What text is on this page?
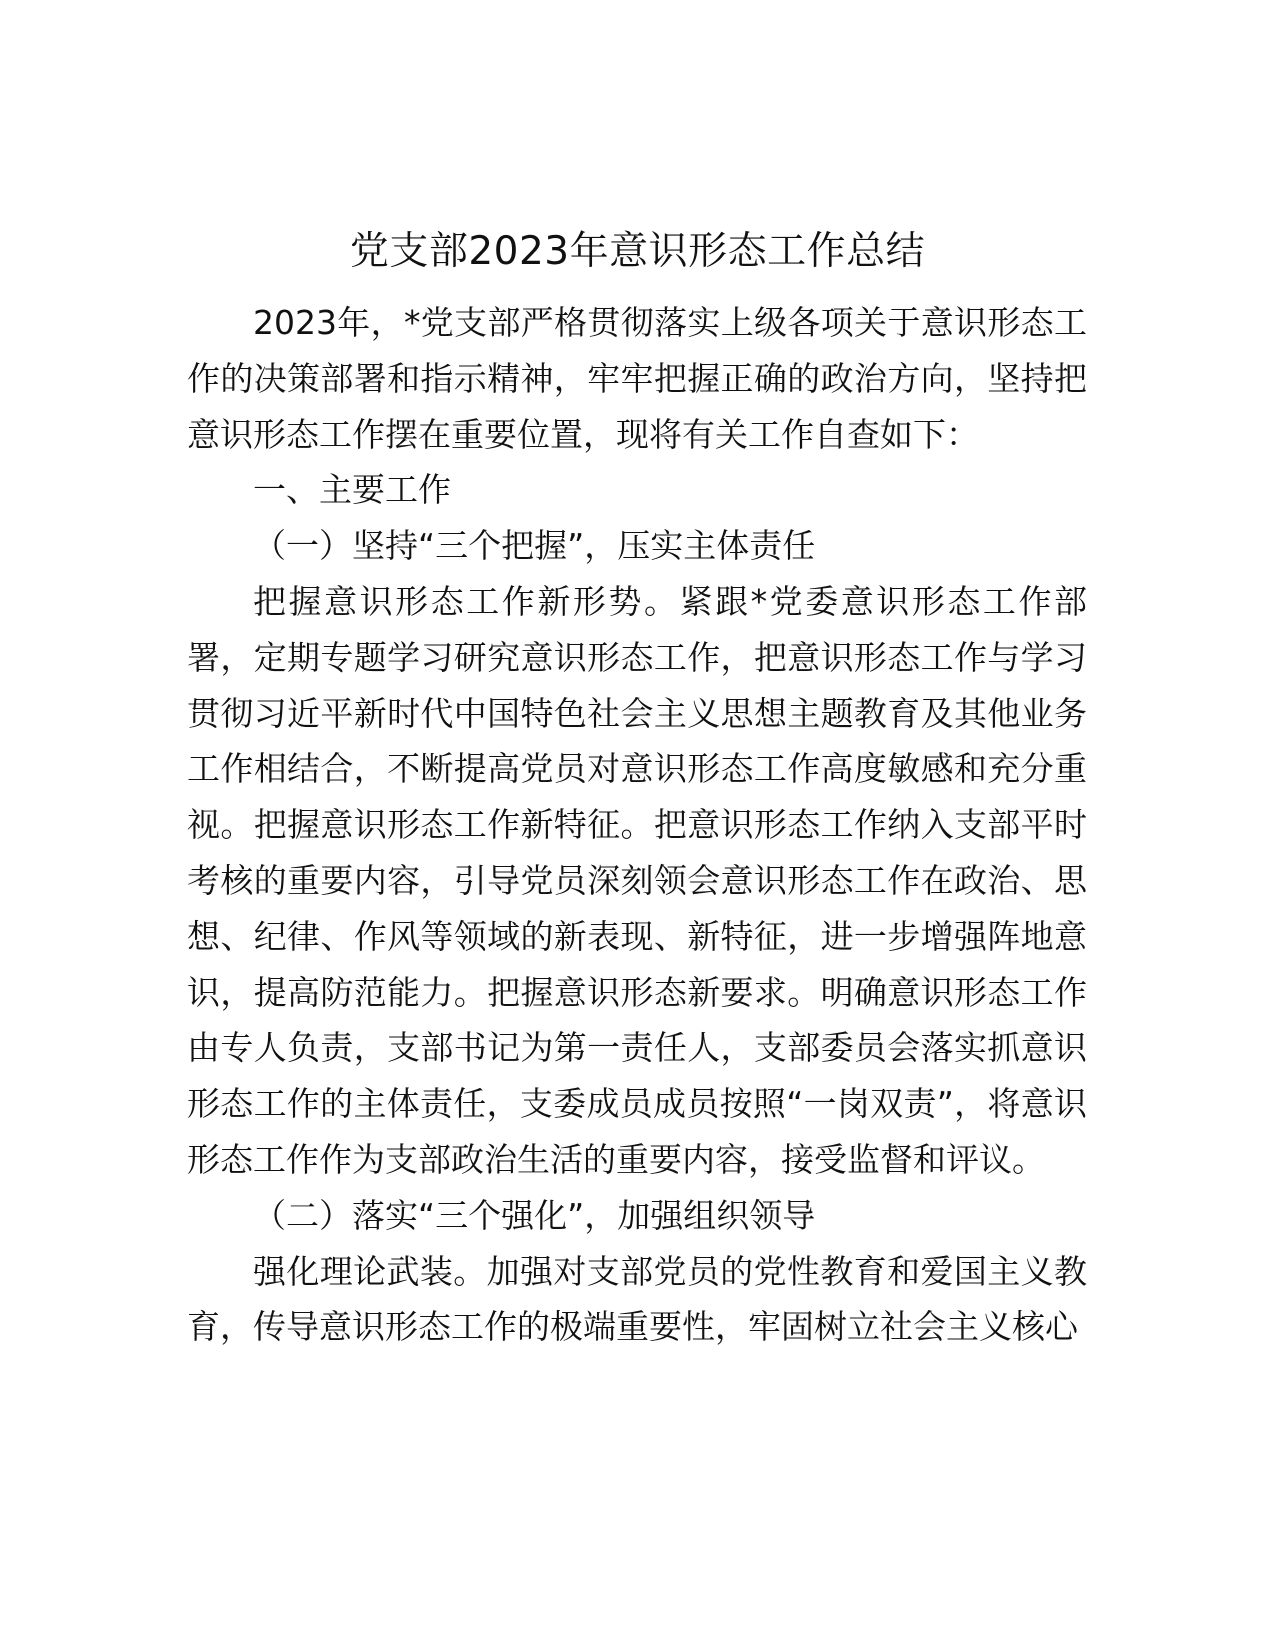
党支部2023年意识形态工作总结

2023年，*党支部严格贯彻落实上级各项关于意识形态工作的决策部署和指示精神，牢牢把握正确的政治方向，坚持把意识形态工作摆在重要位置，现将有关工作自查如下：

一、主要工作

（一）坚持“三个把握”，压实主体责任

把握意识形态工作新形势。紧跟*党委意识形态工作部署，定期专题学习研究意识形态工作，把意识形态工作与学习贯彻习近平新时代中国特色社会主义思想主题教育及其他业务工作相结合，不断提高党员对意识形态工作高度敏感和充分重视。把握意识形态工作新特征。把意识形态工作纳入支部平时考核的重要内容，引导党员深刻领会意识形态工作在政治、思想、纪律、作风等领域的新表现、新特征，进一步增强阵地意识，提高防范能力。把握意识形态新要求。明确意识形态工作由专人负责，支部书记为第一责任人，支部委员会落实抓意识形态工作的主体责任，支委成员成员按照“一岗双责”，将意识形态工作作为支部政治生活的重要内容，接受监督和评议。

（二）落实“三个强化”，加强组织领导

强化理论武装。加强对支部党员的党性教育和爱国主义教育，传导意识形态工作的极端重要性，牢固树立社会主义核心
